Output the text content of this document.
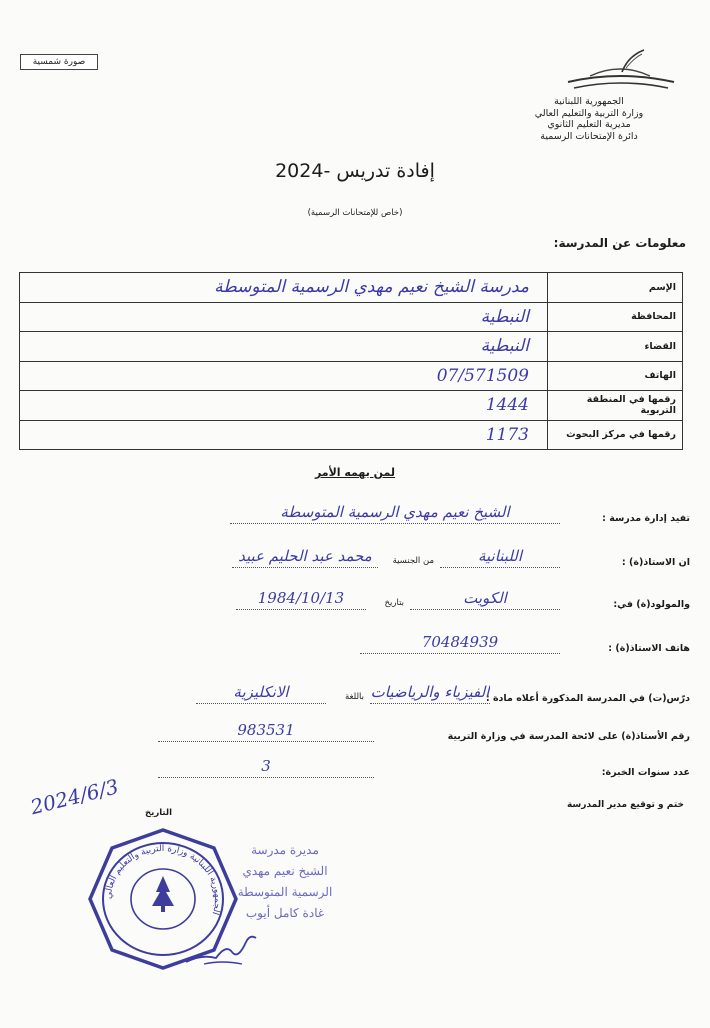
صورة شمسية
الجمهورية اللبنانية
وزارة التربية والتعليم العالي
مديرية التعليم الثانوي
دائرة الإمتحانات الرسمية
إفادة تدريس -2024
(خاص للإمتحانات الرسمية)
معلومات عن المدرسة:
الإسم	مدرسة الشيخ نعيم مهدي الرسمية المتوسطة
المحافظة	النبطية
القضاء	النبطية
الهاتف	07/571509
رقمها في المنطقة التربوية	1444
رقمها في مركز البحوث	1173
لمن يهمه الأمر
تفيد إدارة مدرسة :
الشيخ نعيم مهدي الرسمية المتوسطة
ان الاستاذ(ة) :
اللبنانية
من الجنسية
محمد عبد الحليم عبيد
والمولود(ة) في:
الكويت
بتاريخ
1984/10/13
هاتف الاستاذ(ة) :
70484939
درّس(ت) في المدرسة المذكورة أعلاه مادة :
الفيزياء والرياضيات
باللغة
الانكليزية
رقم الأستاذ(ة) على لائحة المدرسة في وزارة التربية
983531
عدد سنوات الخبرة:
3
ختم و توقيع مدير المدرسة
التاريخ
2024/6/3
الجمهورية اللبنانية وزارة التربية والتعليم العالي
مديرة مدرسة
الشيخ نعيم مهدي
الرسمية المتوسطة
غادة كامل أيوب
